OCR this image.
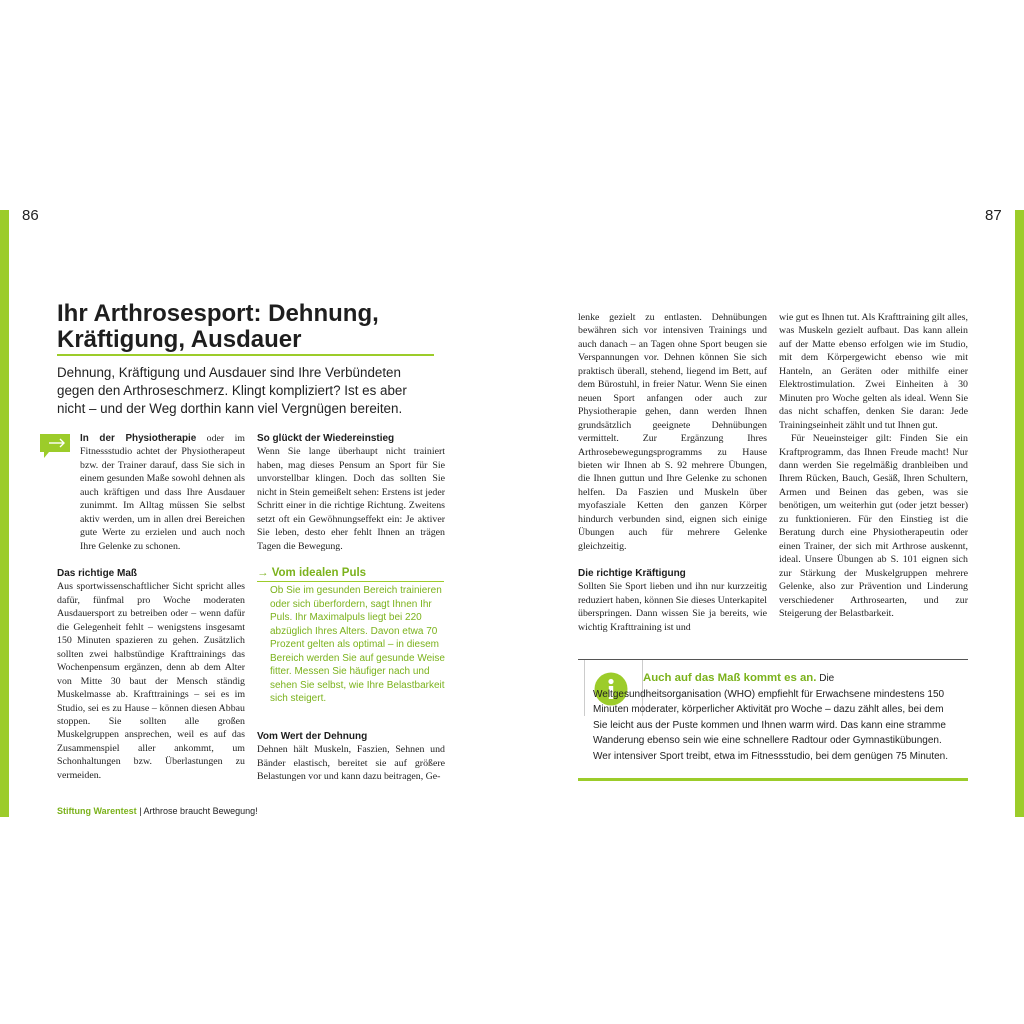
86	87
Ihr Arthrosesport: Dehnung, Kräftigung, Ausdauer

Dehnung, Kräftigung und Ausdauer sind Ihre Verbündeten gegen den Arthroseschmerz. Klingt kompliziert? Ist es aber nicht – und der Weg dorthin kann viel Vergnügen bereiten.

In der Physiotherapie oder im Fitnessstudio achtet der Physiotherapeut bzw. der Trainer darauf, dass Sie sich in einem gesunden Maße sowohl dehnen als auch kräftigen und dass Ihre Ausdauer zunimmt. Im Alltag müssen Sie selbst aktiv werden, um in allen drei Bereichen gute Werte zu erzielen und auch noch Ihre Gelenke zu schonen.

Das richtige Maß

Aus sportwissenschaftlicher Sicht spricht alles dafür, fünfmal pro Woche moderaten Ausdauersport zu betreiben oder – wenn dafür die Gelegenheit fehlt – wenigstens insgesamt 150 Minuten spazieren zu gehen. Zusätzlich sollten zwei halbstündige Krafttrainings das Wochenpensum ergänzen, denn ab dem Alter von Mitte 30 baut der Mensch ständig Muskelmasse ab. Krafttrainings – sei es im Studio, sei es zu Hause – können diesen Abbau stoppen. Sie sollten alle großen Muskelgruppen ansprechen, weil es auf das Zusammenspiel aller ankommt, um Schonhaltungen bzw. Überlastungen zu vermeiden.

So glückt der Wiedereinstieg

Wenn Sie lange überhaupt nicht trainiert haben, mag dieses Pensum an Sport für Sie unvorstellbar klingen. Doch das sollten Sie nicht in Stein gemeißelt sehen: Erstens ist jeder Schritt einer in die richtige Richtung. Zweitens setzt oft ein Gewöhnungseffekt ein: Je aktiver Sie leben, desto eher fehlt Ihnen an trägen Tagen die Bewegung.

→ Vom idealen Puls

Ob Sie im gesunden Bereich trainieren oder sich überfordern, sagt Ihnen Ihr Puls. Ihr Maximalpuls liegt bei 220 abzüglich Ihres Alters. Davon etwa 70 Prozent gelten als optimal – in diesem Bereich werden Sie auf gesunde Weise fitter. Messen Sie häufiger nach und sehen Sie selbst, wie Ihre Belastbarkeit sich steigert.

Vom Wert der Dehnung

Dehnen hält Muskeln, Faszien, Sehnen und Bänder elastisch, bereitet sie auf größere Belastungen vor und kann dazu beitragen, Ge-

lenke gezielt zu entlasten. Dehnübungen bewähren sich vor intensiven Trainings und auch danach – an Tagen ohne Sport beugen sie Verspannungen vor. Dehnen können Sie sich praktisch überall, stehend, liegend im Bett, auf dem Bürostuhl, in freier Natur. Wenn Sie einen neuen Sport anfangen oder auch zur Physiotherapie gehen, dann werden Ihnen grundsätzlich geeignete Dehnübungen vermittelt. Zur Ergänzung Ihres Arthrosebewegungsprogramms zu Hause bieten wir Ihnen ab S. 92 mehrere Übungen, die Ihnen guttun und Ihre Gelenke zu schonen helfen. Da Faszien und Muskeln über myofasziale Ketten den ganzen Körper hindurch verbunden sind, eignen sich einige Übungen auch für mehrere Gelenke gleichzeitig.

Die richtige Kräftigung

Sollten Sie Sport lieben und ihn nur kurzzeitig reduziert haben, können Sie dieses Unterkapitel überspringen. Dann wissen Sie ja bereits, wie wichtig Krafttraining ist und

wie gut es Ihnen tut. Als Krafttraining gilt alles, was Muskeln gezielt aufbaut. Das kann allein auf der Matte ebenso erfolgen wie im Studio, mit dem Körpergewicht ebenso wie mit Hanteln, an Geräten oder mithilfe einer Elektrostimulation. Zwei Einheiten à 30 Minuten pro Woche gelten als ideal. Wenn Sie das nicht schaffen, denken Sie daran: Jede Trainingseinheit zählt und tut Ihnen gut.

Für Neueinsteiger gilt: Finden Sie ein Kraftprogramm, das Ihnen Freude macht! Nur dann werden Sie regelmäßig dranbleiben und Ihrem Rücken, Bauch, Gesäß, Ihren Schultern, Armen und Beinen das geben, was sie benötigen, um weiterhin gut (oder jetzt besser) zu funktionieren. Für den Einstieg ist die Beratung durch eine Physiotherapeutin oder einen Trainer, der sich mit Arthrose auskennt, ideal. Unsere Übungen ab S. 101 eignen sich zur Stärkung der Muskelgruppen mehrere Gelenke, also zur Prävention und Linderung verschiedener Arthrosearten, und zur Steigerung der Belastbarkeit.

Auch auf das Maß kommt es an. Die Weltgesundheitsorganisation (WHO) empfiehlt für Erwachsene mindestens 150 Minuten moderater, körperlicher Aktivität pro Woche – dazu zählt alles, bei dem Sie leicht aus der Puste kommen und Ihnen warm wird. Das kann eine stramme Wanderung ebenso sein wie eine schnellere Radtour oder Gymnastikübungen. Wer intensiver Sport treibt, etwa im Fitnessstudio, bei dem genügen 75 Minuten.

Stiftung Warentest | Arthrose braucht Bewegung!
